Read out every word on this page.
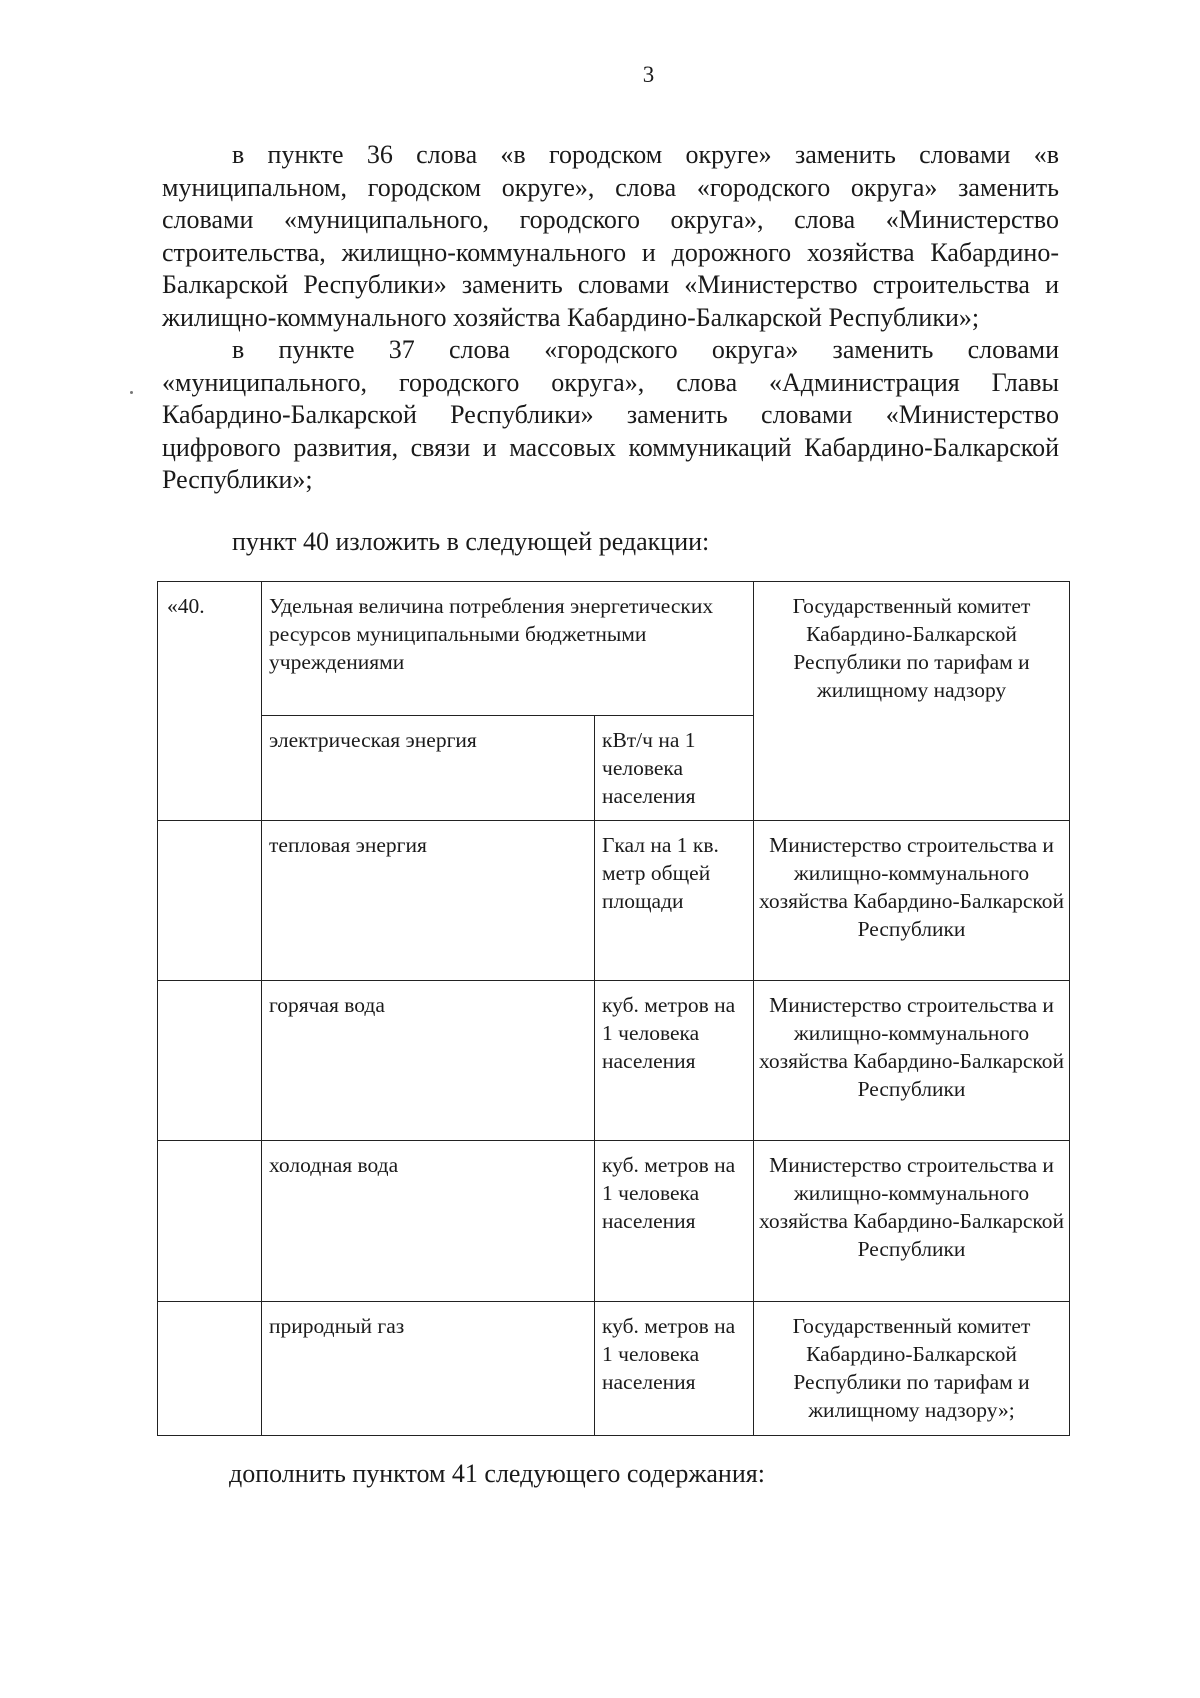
3

в пункте 36 слова «в городском округе» заменить словами «в муниципальном, городском округе», слова «городского округа» заменить словами «муниципального, городского округа», слова «Министерство строительства, жилищно-коммунального и дорожного хозяйства Кабардино-Балкарской Республики» заменить словами «Министерство строительства и жилищно-коммунального хозяйства Кабардино-Балкарской Республики»;

в пункте 37 слова «городского округа» заменить словами «муниципального, городского округа», слова «Администрация Главы Кабардино-Балкарской Республики» заменить словами «Министерство цифрового развития, связи и массовых коммуникаций Кабардино-Балкарской Республики»;

пункт 40 изложить в следующей редакции:
«40.	Удельная величина потребления энергетических ресурсов муниципальными бюджетными учреждениями		Государственный комитет Кабардино-Балкарской Республики по тарифам и жилищному надзору
	электрическая энергия	кВт/ч на 1 человека населения	
	тепловая энергия	Гкал на 1 кв. метр общей площади	Министерство строительства и жилищно-коммунального хозяйства Кабардино-Балкарской Республики
	горячая вода	куб. метров на 1 человека населения	Министерство строительства и жилищно-коммунального хозяйства Кабардино-Балкарской Республики
	холодная вода	куб. метров на 1 человека населения	Министерство строительства и жилищно-коммунального хозяйства Кабардино-Балкарской Республики
	природный газ	куб. метров на 1 человека населения	Государственный комитет Кабардино-Балкарской Республики по тарифам и жилищному надзору»;
дополнить пунктом 41 следующего содержания:
